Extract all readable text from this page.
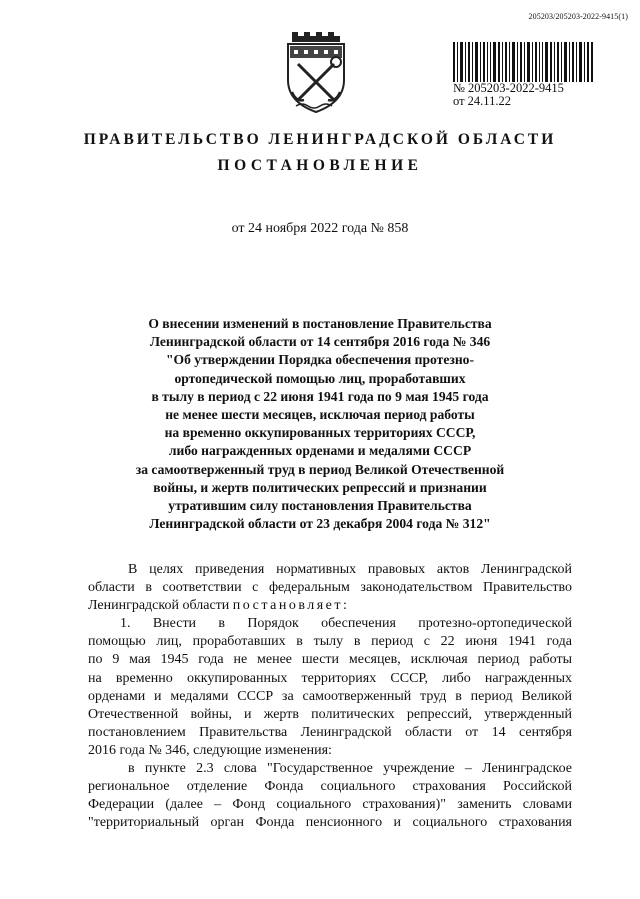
205203/205203-2022-9415(1)
№ 205203-2022-9415
от 24.11.22
ПРАВИТЕЛЬСТВО ЛЕНИНГРАДСКОЙ ОБЛАСТИ
ПОСТАНОВЛЕНИЕ
от 24 ноября 2022 года № 858
О внесении изменений в постановление Правительства
Ленинградской области от 14 сентября 2016 года № 346
"Об утверждении Порядка обеспечения протезно-
ортопедической помощью лиц, проработавших
в тылу в период с 22 июня 1941 года по 9 мая 1945 года
не менее шести месяцев, исключая период работы
на временно оккупированных территориях СССР,
либо награжденных орденами и медалями СССР
за самоотверженный труд в период Великой Отечественной
войны, и жертв политических репрессий и признании
утратившим силу постановления Правительства
Ленинградской области от 23 декабря 2004 года № 312"
В целях приведения нормативных правовых актов Ленинградской
области в соответствии с федеральным законодательством Правительство
Ленинградской области постановляет:
1. Внести в Порядок обеспечения протезно-ортопедической
помощью лиц, проработавших в тылу в период с 22 июня 1941 года
по 9 мая 1945 года не менее шести месяцев, исключая период работы
на временно оккупированных территориях СССР, либо награжденных
орденами и медалями СССР за самоотверженный труд в период Великой
Отечественной войны, и жертв политических репрессий, утвержденный
постановлением Правительства Ленинградской области от 14 сентября
2016 года № 346, следующие изменения:
в пункте 2.3 слова "Государственное учреждение – Ленинградское
региональное отделение Фонда социального страхования Российской
Федерации (далее – Фонд социального страхования)" заменить словами
"территориальный орган Фонда пенсионного и социального страхования
